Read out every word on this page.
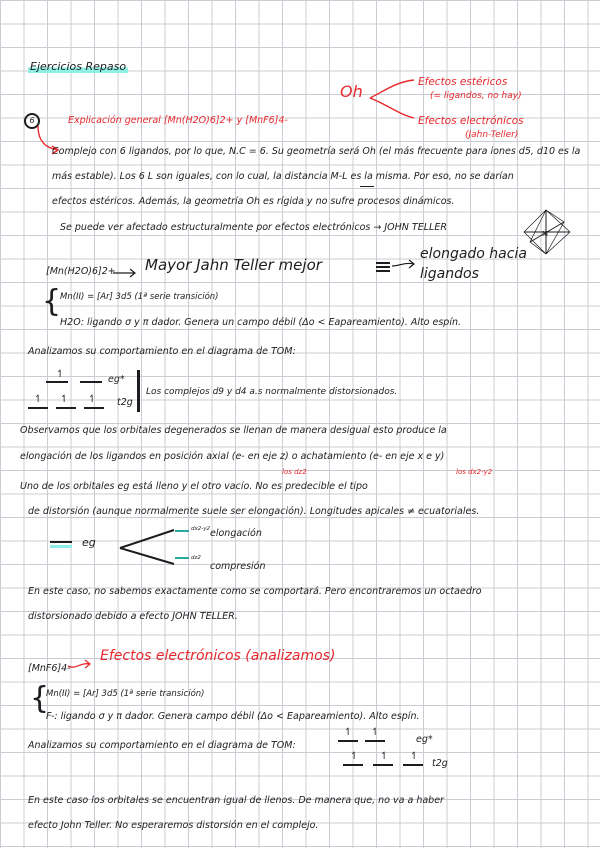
Ejercicios Repaso
Oh	Efectos estéricos
(= ligandos, no hay)
Efectos electrónicos
(Jahn-Teller)
6	Explicación general [Mn(H2O)6]2+ y [MnF6]4-
Complejo con 6 ligandos, por lo que, N.C = 6. Su geometría será Oh (el más frecuente para iones d5, d10 es la
más estable). Los 6 L son iguales, con lo cual, la distancia M-L es la misma. Por eso, no se darían
efectos estéricos. Además, la geometría Oh es rígida y no sufre procesos dinámicos.
Se puede ver afectado estructuralmente por efectos electrónicos → JOHN TELLER
M
[Mn(H2O)6]2+ Mayor Jahn Teller mejor
elongado hacia ligandos
{
Mn(II) = [Ar] 3d5 (1ª serie transición)
H2O: ligando σ y π dador. Genera un campo débil (Δo < Eapareamiento). Alto espín.
Analizamos su comportamiento en el diagrama de TOM:
↿	eg*
↿ ↿ ↿ t2g
Los complejos d9 y d4 a.s normalmente distorsionados.
Observamos que los orbitales degenerados se llenan de manera desigual esto produce la
elongación de los ligandos en posición axial (e- en eje z) o achatamiento (e- en eje x e y)
los dz2	los dx2-y2
Uno de los orbitales eg está lleno y el otro vacío. No es predecible el tipo
de distorsión (aunque normalmente suele ser elongación). Longitudes apicales ≠ ecuatoriales.
eg
dx2-y2 elongación
dz2
compresión
En este caso, no sabemos exactamente como se comportará. Pero encontraremos un octaedro
distorsionado debido a efecto JOHN TELLER.
[MnF6]4-
Efectos electrónicos (analizamos)
{
Mn(II) = [Ar] 3d5 (1ª serie transición)
F-: ligando σ y π dador. Genera campo débil (Δo < Eapareamiento). Alto espín.
Analizamos su comportamiento en el diagrama de TOM:
↿ ↿
eg*
↿ ↿ ↿
t2g
En este caso los orbitales se encuentran igual de llenos. De manera que, no va a haber
efecto John Teller. No esperaremos distorsión en el complejo.
